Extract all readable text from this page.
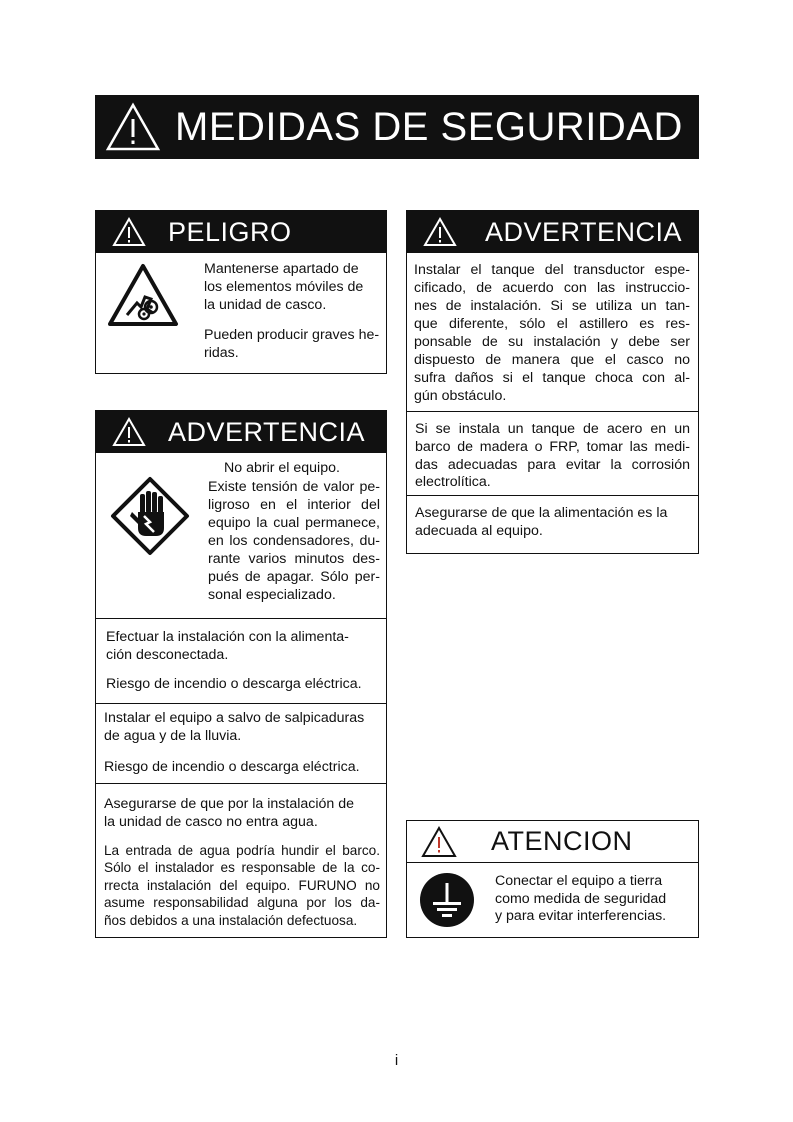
MEDIDAS DE SEGURIDAD
PELIGRO

Mantenerse apartado de

los elementos móviles de

la unidad de casco.

Pueden producir graves he-

ridas.

ADVERTENCIA

No abrir el equipo.

Existe tensión de valor pe-

ligroso en el interior del

equipo la cual permanece,

en los condensadores, du-

rante varios minutos des-

pués de apagar. Sólo per-

sonal especializado.

Efectuar la instalación con la alimenta-

ción desconectada.

Riesgo de incendio o descarga eléctrica.

Instalar el equipo a salvo de salpicaduras

de agua y de la lluvia.

Riesgo de incendio o descarga eléctrica.

Asegurarse de que por la instalación de

la unidad de casco no entra agua.

La entrada de agua podría hundir el barco.

Sólo el instalador es responsable de la co-

rrecta instalación del equipo. FURUNO no

asume responsabilidad alguna por los da-

ños debidos a una instalación defectuosa.

ADVERTENCIA

Instalar el tanque del transductor espe-

cificado, de acuerdo con las instruccio-

nes de instalación. Si se utiliza un tan-

que diferente, sólo el astillero es res-

ponsable de su instalación y debe ser

dispuesto de manera que el casco no

sufra daños si el tanque choca con al-

gún obstáculo.

Si se instala un tanque de acero en un

barco de madera o FRP, tomar las medi-

das adecuadas para evitar la corrosión

electrolítica.

Asegurarse de que la alimentación es la

adecuada al equipo.

ATENCION

Conectar el equipo a tierra

como medida de seguridad

y para evitar interferencias.

i
